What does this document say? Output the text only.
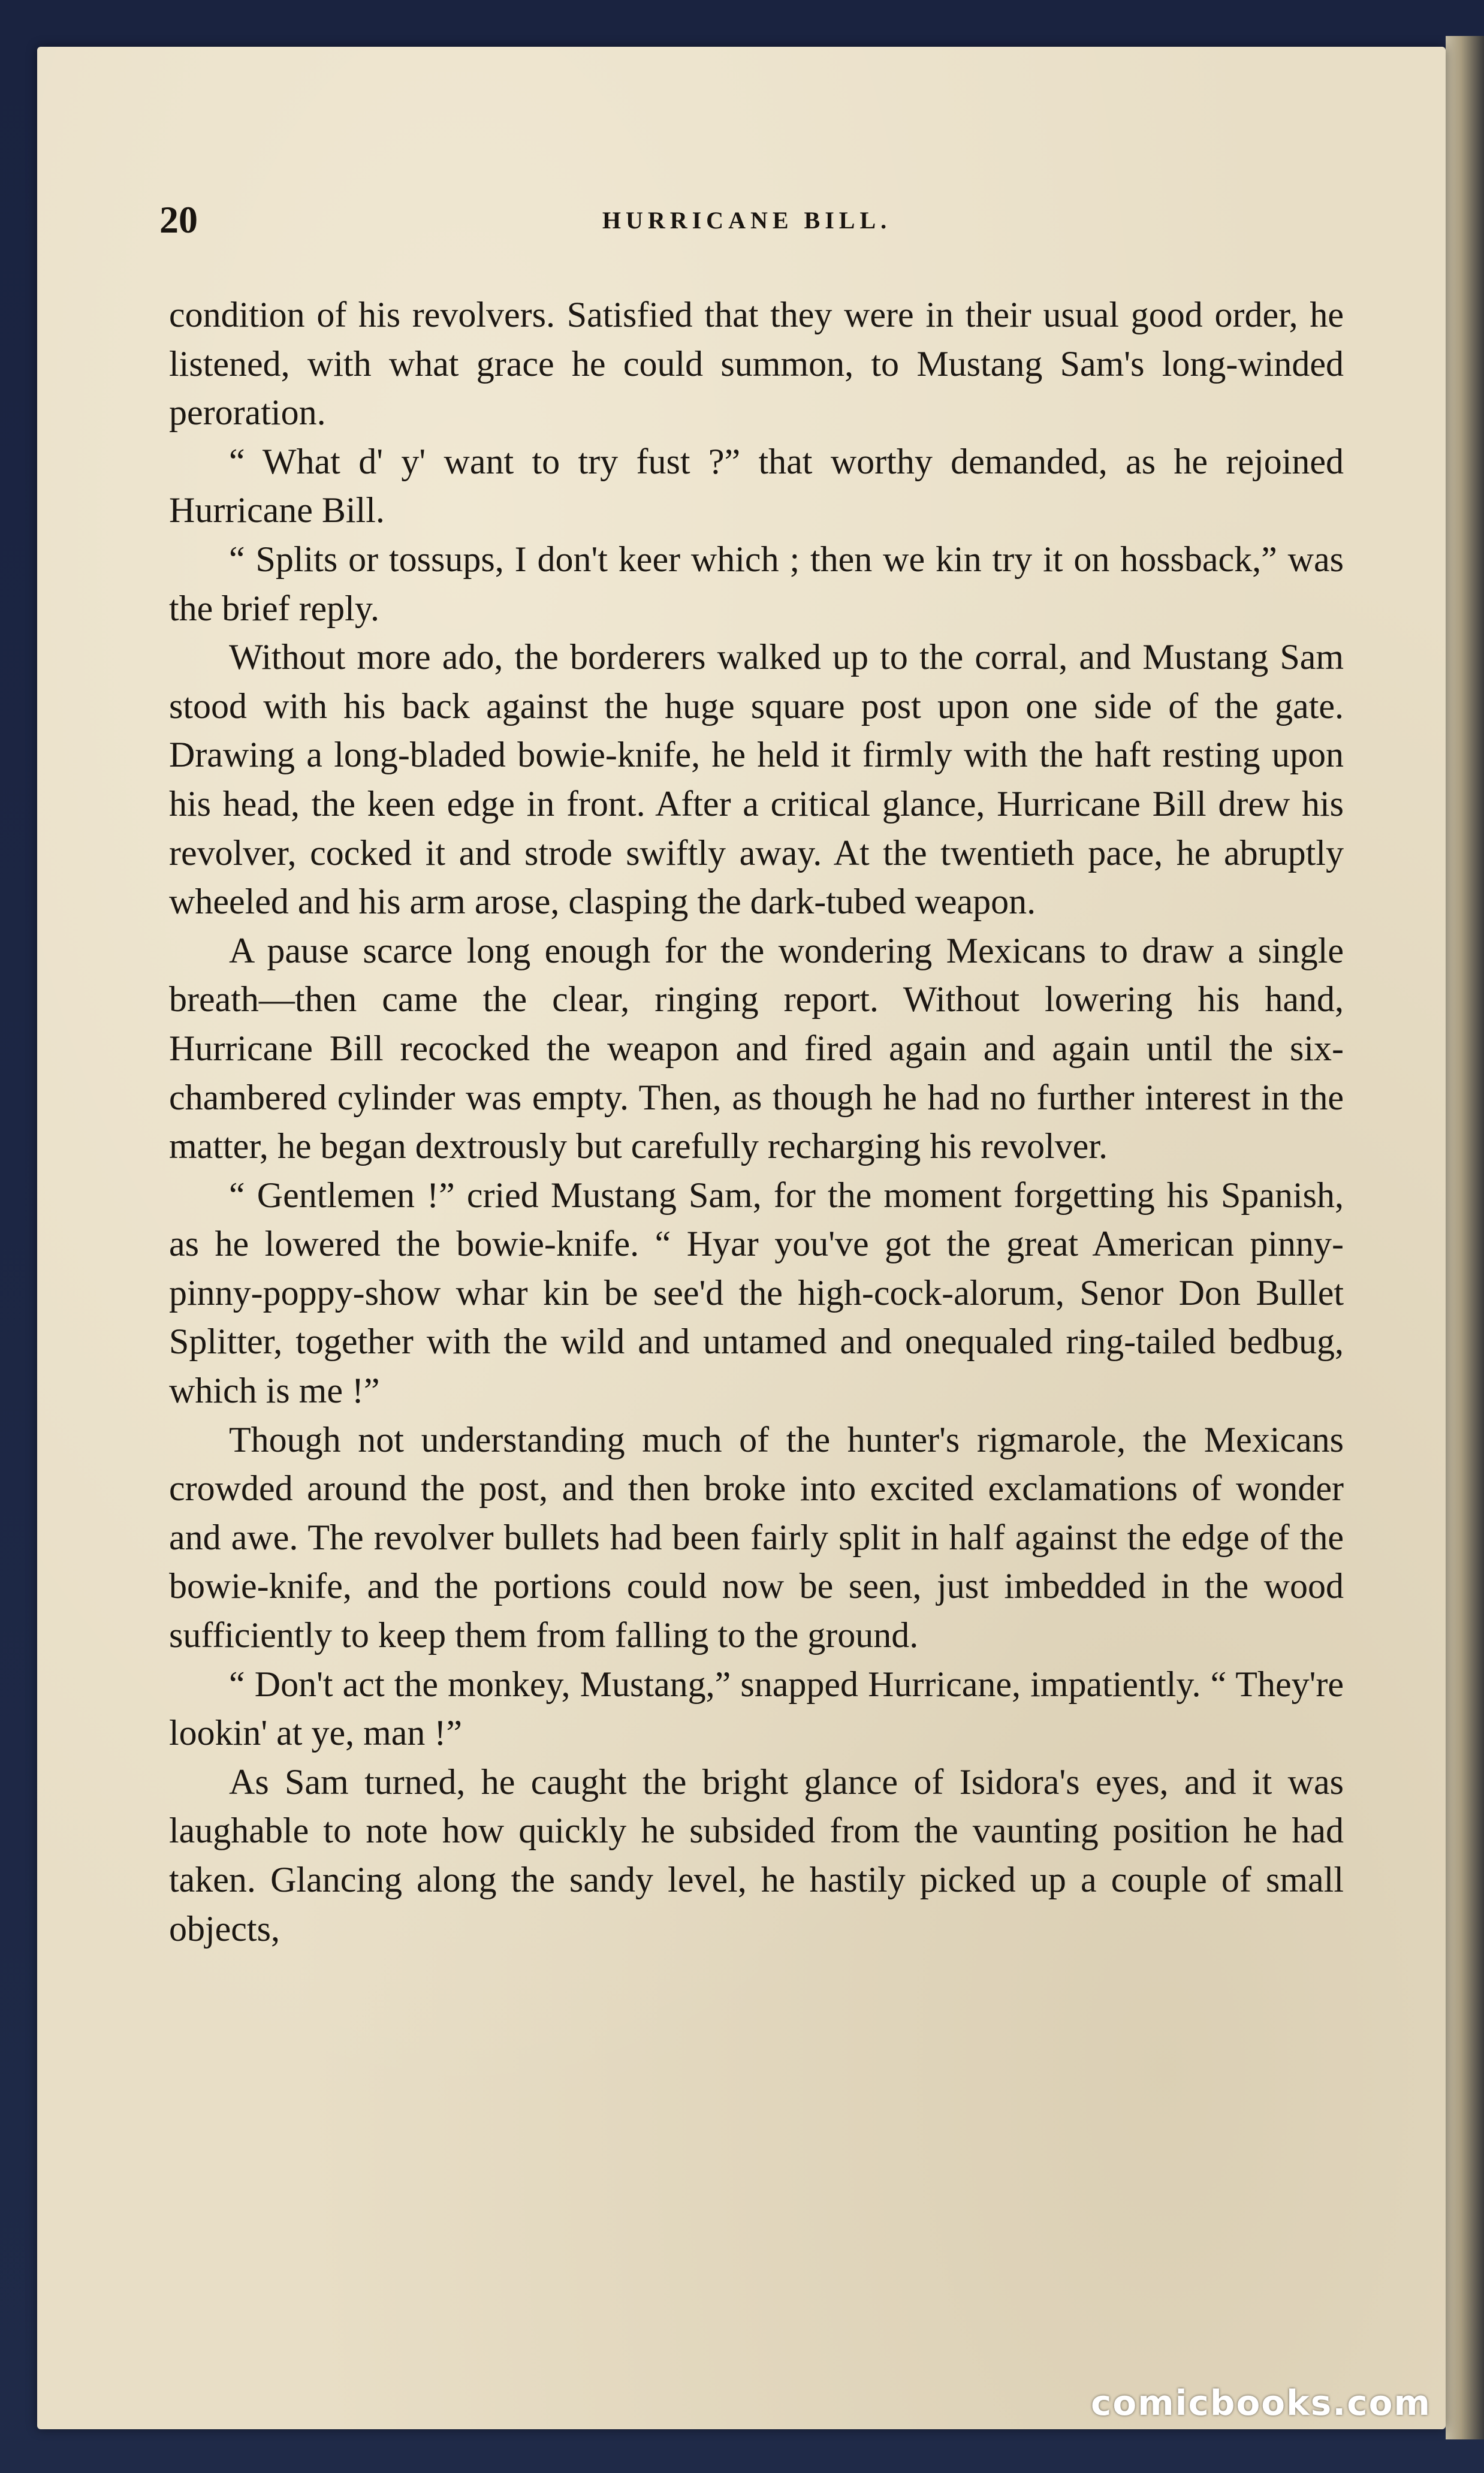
20	HURRICANE BILL.

condition of his revolvers. Satisfied that they were in their usual good order, he listened, with what grace he could summon, to Mustang Sam's long-winded peroration.

“ What d' y' want to try fust ?” that worthy demanded, as he rejoined Hurricane Bill.

“ Splits or tossups, I don't keer which ; then we kin try it on hossback,” was the brief reply.

Without more ado, the borderers walked up to the corral, and Mustang Sam stood with his back against the huge square post upon one side of the gate. Drawing a long-bladed bowie-knife, he held it firmly with the haft resting upon his head, the keen edge in front. After a critical glance, Hurricane Bill drew his revolver, cocked it and strode swiftly away. At the twentieth pace, he abruptly wheeled and his arm arose, clasping the dark-tubed weapon.

A pause scarce long enough for the wondering Mexicans to draw a single breath—then came the clear, ringing report. Without lowering his hand, Hurricane Bill recocked the weapon and fired again and again until the six-chambered cylinder was empty. Then, as though he had no further interest in the matter, he began dextrously but carefully recharging his revolver.

“ Gentlemen !” cried Mustang Sam, for the moment forgetting his Spanish, as he lowered the bowie-knife. “ Hyar you've got the great American pinny-pinny-poppy-show whar kin be see'd the high-cock-alorum, Senor Don Bullet Splitter, together with the wild and untamed and onequaled ring-tailed bedbug, which is me !”

Though not understanding much of the hunter's rigmarole, the Mexicans crowded around the post, and then broke into excited exclamations of wonder and awe. The revolver bullets had been fairly split in half against the edge of the bowie-knife, and the portions could now be seen, just imbedded in the wood sufficiently to keep them from falling to the ground.

“ Don't act the monkey, Mustang,” snapped Hurricane, impatiently. “ They're lookin' at ye, man !”

As Sam turned, he caught the bright glance of Isidora's eyes, and it was laughable to note how quickly he subsided from the vaunting position he had taken. Glancing along the sandy level, he hastily picked up a couple of small objects,

comicbooks.com
